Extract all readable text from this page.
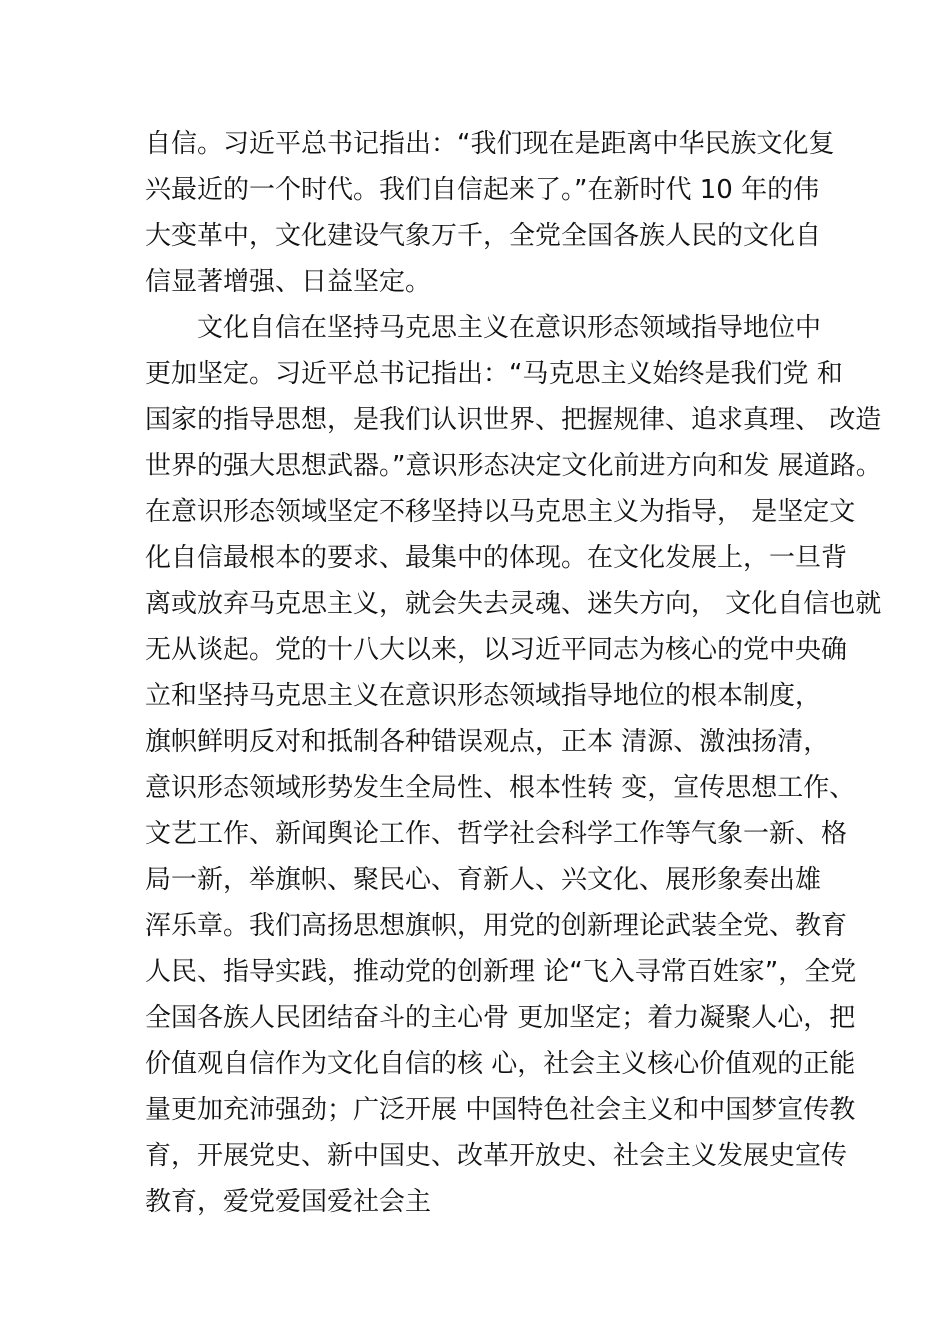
自信。习近平总书记指出：“我们现在是距离中华民族文化复
兴最近的一个时代。我们自信起来了。”在新时代 10 年的伟
大变革中，文化建设气象万千，全党全国各族人民的文化自
信显著增强、日益坚定。
文化自信在坚持马克思主义在意识形态领域指导地位中
更加坚定。习近平总书记指出：“马克思主义始终是我们党 和
国家的指导思想，是我们认识世界、把握规律、追求真理、 改造
世界的强大思想武器。”意识形态决定文化前进方向和发 展道路。
在意识形态领域坚定不移坚持以马克思主义为指导， 是坚定文
化自信最根本的要求、最集中的体现。在文化发展上，一旦背
离或放弃马克思主义，就会失去灵魂、迷失方向， 文化自信也就
无从谈起。党的十八大以来，以习近平同志为核心的党中央确
立和坚持马克思主义在意识形态领域指导地位的根本制度，
旗帜鲜明反对和抵制各种错误观点，正本 清源、激浊扬清，
意识形态领域形势发生全局性、根本性转 变，宣传思想工作、
文艺工作、新闻舆论工作、哲学社会科学工作等气象一新、格
局一新，举旗帜、聚民心、育新人、兴文化、展形象奏出雄
浑乐章。我们高扬思想旗帜，用党的创新理论武装全党、教育
人民、指导实践，推动党的创新理 论“飞入寻常百姓家”，全党
全国各族人民团结奋斗的主心骨 更加坚定；着力凝聚人心，把
价值观自信作为文化自信的核 心，社会主义核心价值观的正能
量更加充沛强劲；广泛开展 中国特色社会主义和中国梦宣传教
育，开展党史、新中国史、改革开放史、社会主义发展史宣传
教育，爱党爱国爱社会主
